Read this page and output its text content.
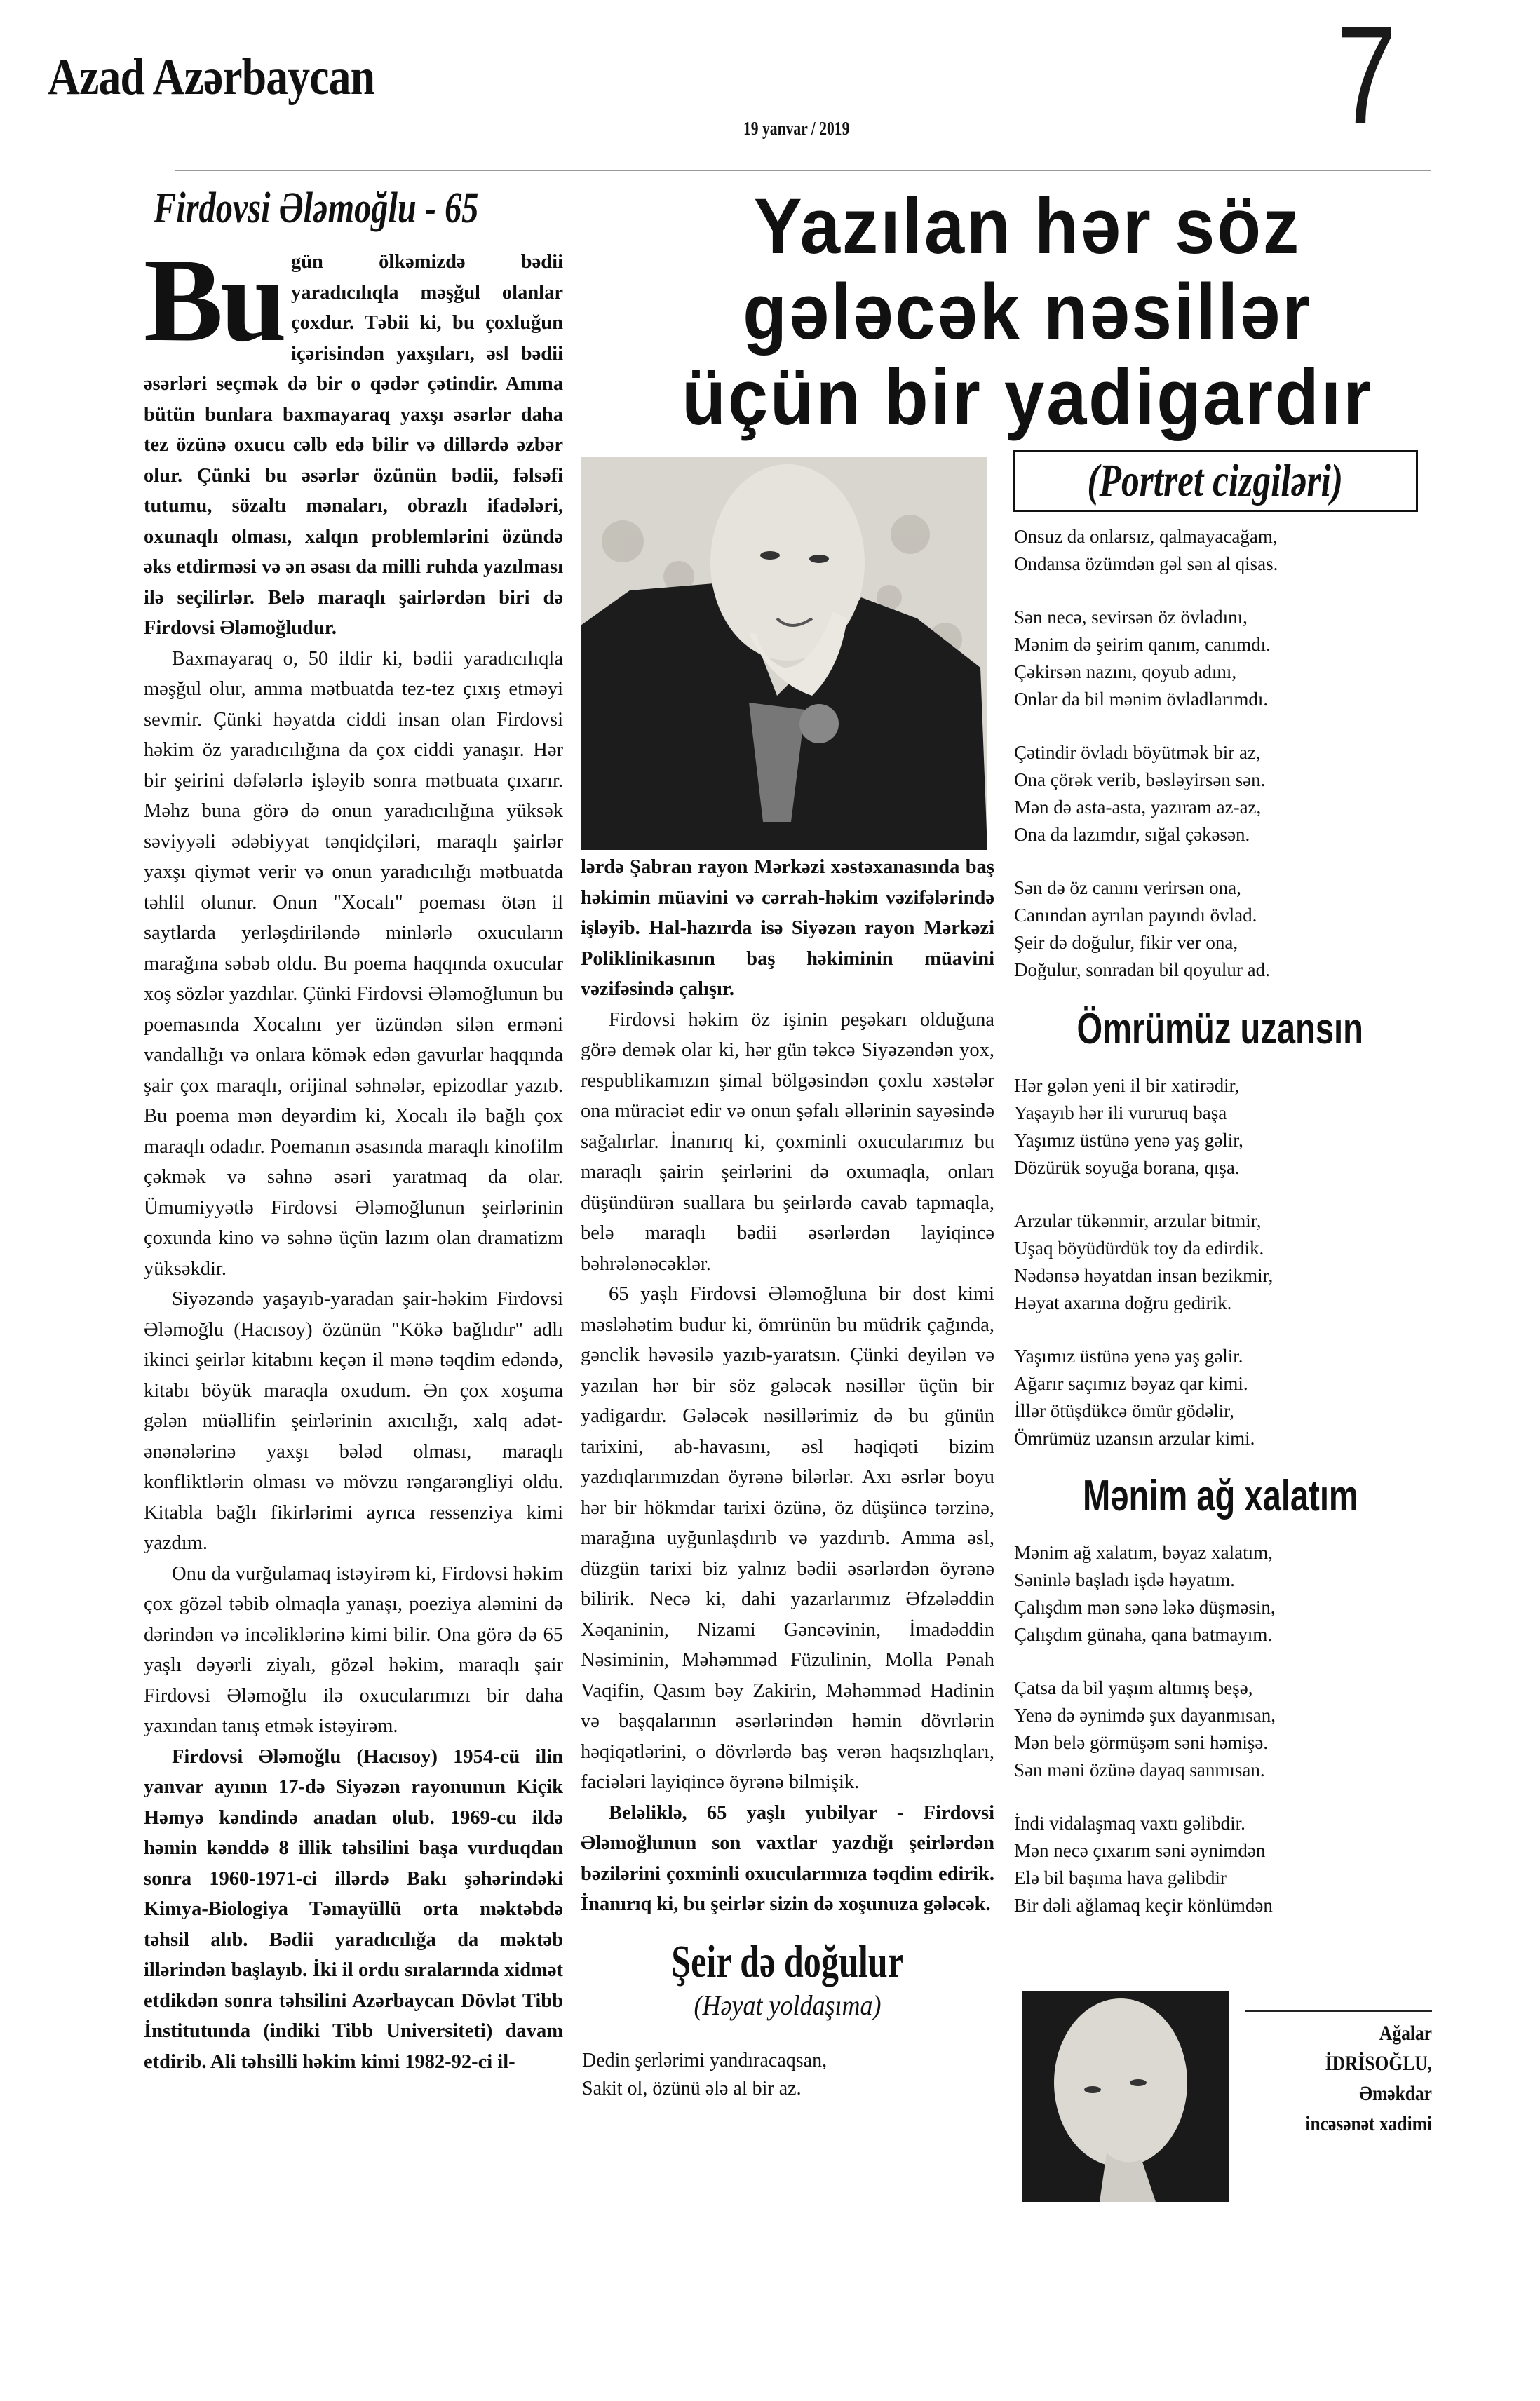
Azad Azərbaycan
19 yanvar / 2019	7
Firdovsi Ələmoğlu - 65

Bu gün ölkəmizdə bədii yaradıcılıqla məşğul olanlar çoxdur. Təbii ki, bu çoxluğun içərisindən yaxşıları, əsl bədii əsərləri seçmək də bir o qədər çətindir. Amma bütün bunlara baxmayaraq yaxşı əsərlər daha tez özünə oxucu cəlb edə bilir və dillərdə əzbər olur. Çünki bu əsərlər özünün bədii, fəlsəfi tutumu, sözaltı mənaları, obrazlı ifadələri, oxunaqlı olması, xalqın problemlərini özündə əks etdirməsi və ən əsası da milli ruhda yazılması ilə seçilirlər. Belə maraqlı şairlərdən biri də Firdovsi Ələmoğludur.

Baxmayaraq o, 50 ildir ki, bədii yaradıcılıqla məşğul olur, amma mətbuatda tez-tez çıxış etməyi sevmir. Çünki həyatda ciddi insan olan Firdovsi həkim öz yaradıcılığına da çox ciddi yanaşır. Hər bir şeirini dəfələrlə işləyib sonra mətbuata çıxarır. Məhz buna görə də onun yaradıcılığına yüksək səviyyəli ədəbiyyat tənqidçiləri, maraqlı şairlər yaxşı qiymət verir və onun yaradıcılığı mətbuatda təhlil olunur. Onun "Xocalı" poeması ötən il saytlarda yerləşdiriləndə minlərlə oxucuların marağına səbəb oldu. Bu poema haqqında oxucular xoş sözlər yazdılar. Çünki Firdovsi Ələmoğlunun bu poemasında Xocalını yer üzündən silən erməni vandallığı və onlara kömək edən gavurlar haqqında şair çox maraqlı, orijinal səhnələr, epizodlar yazıb. Bu poema mən deyərdim ki, Xocalı ilə bağlı çox maraqlı odadır. Poemanın əsasında maraqlı kinofilm çəkmək və səhnə əsəri yaratmaq da olar. Ümumiyyətlə Firdovsi Ələmoğlunun şeirlərinin çoxunda kino və səhnə üçün lazım olan dramatizm yüksəkdir.

Siyəzəndə yaşayıb-yaradan şair-həkim Firdovsi Ələmoğlu (Hacısoy) özünün "Kökə bağlıdır" adlı ikinci şeirlər kitabını keçən il mənə təqdim edəndə, kitabı böyük maraqla oxudum. Ən çox xoşuma gələn müəllifin şeirlərinin axıcılığı, xalq adət-ənənələrinə yaxşı bələd olması, maraqlı konfliktlərin olması və mövzu rəngarəngliyi oldu. Kitabla bağlı fikirlərimi ayrıca ressenziya kimi yazdım.

Onu da vurğulamaq istəyirəm ki, Firdovsi həkim çox gözəl təbib olmaqla yanaşı, poeziya aləmini də dərindən və incəliklərinə kimi bilir. Ona görə də 65 yaşlı dəyərli ziyalı, gözəl həkim, maraqlı şair Firdovsi Ələmoğlu ilə oxucularımızı bir daha yaxından tanış etmək istəyirəm.

Firdovsi Ələmoğlu (Hacısoy) 1954-cü ilin yanvar ayının 17-də Siyəzən rayonunun Kiçik Həmyə kəndində anadan olub. 1969-cu ildə həmin kənddə 8 illik təhsilini başa vurduqdan sonra 1960-1971-ci illərdə Bakı şəhərindəki Kimya-Biologiya Təmayüllü orta məktəbdə təhsil alıb. Bədii yaradıcılığa da məktəb illərindən başlayıb. İki il ordu sıralarında xidmət etdikdən sonra təhsilini Azərbaycan Dövlət Tibb İnstitutunda (indiki Tibb Universiteti) davam etdirib. Ali təhsilli həkim kimi 1982-92-ci il-

Yazılan hər söz
gələcək nəsillər
üçün bir yadigardır

lərdə Şabran rayon Mərkəzi xəstəxanasında baş həkimin müavini və cərrah-həkim vəzifələrində işləyib. Hal-hazırda isə Siyəzən rayon Mərkəzi Poliklinikasının baş həkiminin müavini vəzifəsində çalışır.

Firdovsi həkim öz işinin peşəkarı olduğuna görə demək olar ki, hər gün təkcə Siyəzəndən yox, respublikamızın şimal bölgəsindən çoxlu xəstələr ona müraciət edir və onun şəfalı əllərinin sayəsində sağalırlar. İnanırıq ki, çoxminli oxucularımız bu maraqlı şairin şeirlərini də oxumaqla, onları düşündürən suallara bu şeirlərdə cavab tapmaqla, belə maraqlı bədii əsərlərdən layiqincə bəhrələnəcəklər.

65 yaşlı Firdovsi Ələmoğluna bir dost kimi məsləhətim budur ki, ömrünün bu müdrik çağında, gənclik həvəsilə yazıb-yaratsın. Çünki deyilən və yazılan hər bir söz gələcək nəsillər üçün bir yadigardır. Gələcək nəsillərimiz də bu günün tarixini, ab-havasını, əsl həqiqəti bizim yazdıqlarımızdan öyrənə bilərlər. Axı əsrlər boyu hər bir hökmdar tarixi özünə, öz düşüncə tərzinə, marağına uyğunlaşdırıb və yazdırıb. Amma əsl, düzgün tarixi biz yalnız bədii əsərlərdən öyrənə bilirik. Necə ki, dahi yazarlarımız Əfzələddin Xəqaninin, Nizami Gəncəvinin, İmadəddin Nəsiminin, Məhəmməd Füzulinin, Molla Pənah Vaqifin, Qasım bəy Zakirin, Məhəmməd Hadinin və başqalarının əsərlərindən həmin dövrlərin həqiqətlərini, o dövrlərdə baş verən haqsızlıqları, faciələri layiqincə öyrənə bilmişik.

Beləliklə, 65 yaşlı yubilyar - Firdovsi Ələmoğlunun son vaxtlar yazdığı şeirlərdən bəzilərini çoxminli oxucularımıza təqdim edirik. İnanırıq ki, bu şeirlər sizin də xoşunuza gələcək.

Şeir də doğulur
(Həyat yoldaşıma)
Dedin şerlərimi yandıracaqsan,
Sakit ol, özünü ələ al bir az.
(Portret cizgiləri)
Onsuz da onlarsız, qalmayacağam,
Ondansa özümdən gəl sən al qisas.
Sən necə, sevirsən öz övladını,
Mənim də şeirim qanım, canımdı.
Çəkirsən nazını, qoyub adını,
Onlar da bil mənim övladlarımdı.
Çətindir övladı böyütmək bir az,
Ona çörək verib, bəsləyirsən sən.
Mən də asta-asta, yazıram az-az,
Ona da lazımdır, sığal çəkəsən.
Sən də öz canını verirsən ona,
Canından ayrılan payındı övlad.
Şeir də doğulur, fikir ver ona,
Doğulur, sonradan bil qoyulur ad.
Ömrümüz uzansın
Hər gələn yeni il bir xatirədir,
Yaşayıb hər ili vururuq başa
Yaşımız üstünə yenə yaş gəlir,
Dözürük soyuğa borana, qışa.
Arzular tükənmir, arzular bitmir,
Uşaq böyüdürdük toy da edirdik.
Nədənsə həyatdan insan bezikmir,
Həyat axarına doğru gedirik.
Yaşımız üstünə yenə yaş gəlir.
Ağarır saçımız bəyaz qar kimi.
İllər ötüşdükcə ömür gödəlir,
Ömrümüz uzansın arzular kimi.
Mənim ağ xalatım
Mənim ağ xalatım, bəyaz xalatım,
Səninlə başladı işdə həyatım.
Çalışdım mən sənə ləkə düşməsin,
Çalışdım günaha, qana batmayım.
Çatsa da bil yaşım altımış beşə,
Yenə də əynimdə şux dayanmısan,
Mən belə görmüşəm səni həmişə.
Sən məni özünə dayaq sanmısan.
İndi vidalaşmaq vaxtı gəlibdir.
Mən necə çıxarım səni əynimdən
Elə bil başıma hava gəlibdir
Bir dəli ağlamaq keçir könlümdən
Ağalar
İDRİSOĞLU,
Əməkdar
incəsənət xadimi
